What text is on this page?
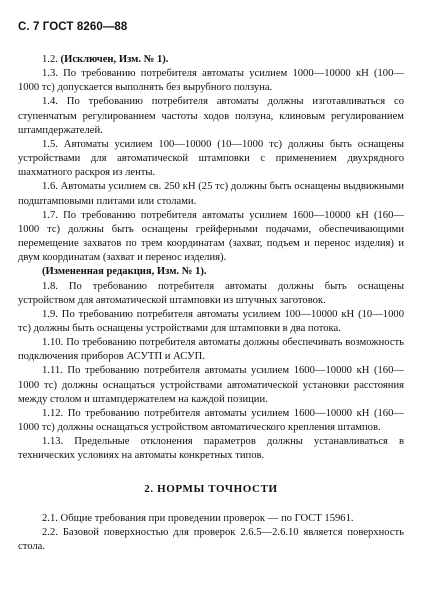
С. 7 ГОСТ 8260—88

1.2. (Исключен, Изм. № 1).

1.3. По требованию потребителя автоматы усилием 1000—10000 кН (100—1000 тс) допускается выполнять без вырубного ползуна.

1.4. По требованию потребителя автоматы должны изготавливаться со ступенчатым регулированием частоты ходов ползуна, клиновым регулированием штампдержателей.

1.5. Автоматы усилием 100—10000 (10—1000 тс) должны быть оснащены устройствами для автоматической штамповки с применением двухрядного шахматного раскроя из ленты.

1.6. Автоматы усилием св. 250 кН (25 тс) должны быть оснащены выдвижными подштамповыми плитами или столами.

1.7. По требованию потребителя автоматы усилием 1600—10000 кН (160—1000 тс) должны быть оснащены грейферными подачами, обеспечивающими перемещение захватов по трем координатам (захват, подъем и перенос изделия) и двум координатам (захват и перенос изделия).

(Измененная редакция, Изм. № 1).

1.8. По требованию потребителя автоматы должны быть оснащены устройством для автоматической штамповки из штучных заготовок.

1.9. По требованию потребителя автоматы усилием 100—10000 кН (10—1000 тс) должны быть оснащены устройствами для штамповки в два потока.

1.10. По требованию потребителя автоматы должны обеспечивать возможность подключения приборов АСУТП и АСУП.

1.11. По требованию потребителя автоматы усилием 1600—10000 кН (160—1000 тс) должны оснащаться устройствами автоматической установки расстояния между столом и штампдержателем на каждой позиции.

1.12. По требованию потребителя автоматы усилием 1600—10000 кН (160—1000 тс) должны оснащаться устройством автоматического крепления штампов.

1.13. Предельные отклонения параметров должны устанавливаться в технических условиях на автоматы конкретных типов.

2. НОРМЫ ТОЧНОСТИ

2.1. Общие требования при проведении проверок — по ГОСТ 15961.

2.2. Базовой поверхностью для проверок 2.6.5—2.6.10 является поверхность стола.
